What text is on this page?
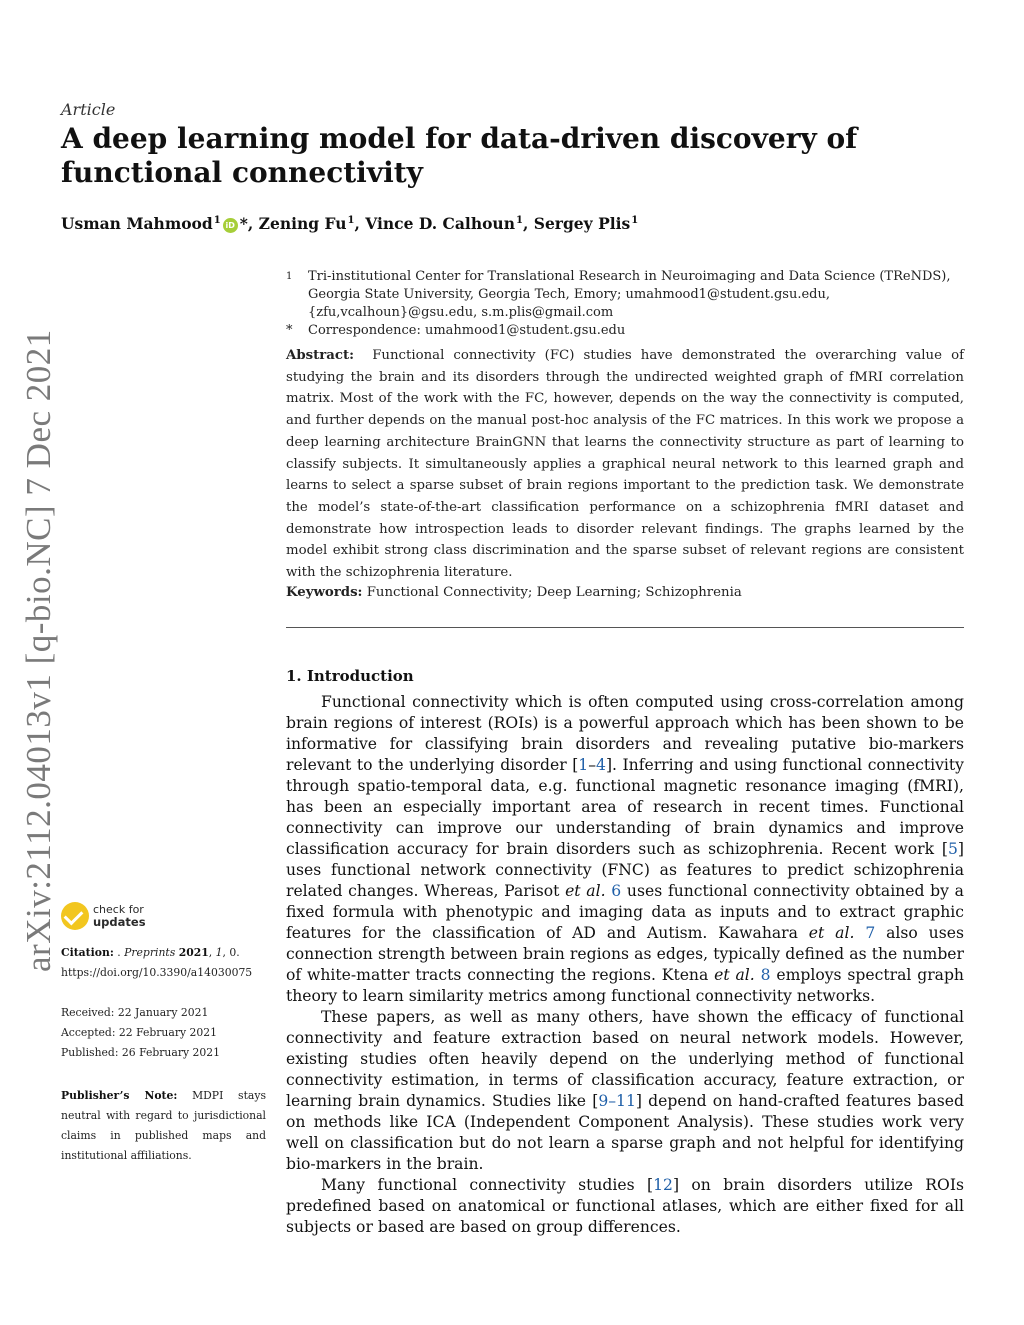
arXiv:2112.04013v1 [q-bio.NC] 7 Dec 2021
Article
A deep learning model for data-driven discovery of functional connectivity
Usman Mahmood$^1$ iD *, Zening Fu$^1$, Vince D. Calhoun$^1$, Sergey Plis$^1$
1	Tri-institutional Center for Translational Research in Neuroimaging and Data Science (TReNDS), Georgia State University, Georgia Tech, Emory; umahmood1@student.gsu.edu, {zfu,vcalhoun}@gsu.edu, s.m.plis@gmail.com
*	Correspondence: umahmood1@student.gsu.edu
Abstract: Functional connectivity (FC) studies have demonstrated the overarching value of studying the brain and its disorders through the undirected weighted graph of fMRI correlation matrix. Most of the work with the FC, however, depends on the way the connectivity is computed, and further depends on the manual post-hoc analysis of the FC matrices. In this work we propose a deep learning architecture BrainGNN that learns the connectivity structure as part of learning to classify subjects. It simultaneously applies a graphical neural network to this learned graph and learns to select a sparse subset of brain regions important to the prediction task. We demonstrate the model’s state-of-the-art classification performance on a schizophrenia fMRI dataset and demonstrate how introspection leads to disorder relevant findings. The graphs learned by the model exhibit strong class discrimination and the sparse subset of relevant regions are consistent with the schizophrenia literature.
Keywords: Functional Connectivity; Deep Learning; Schizophrenia
1. Introduction

Functional connectivity which is often computed using cross-correlation among brain regions of interest (ROIs) is a powerful approach which has been shown to be informative for classifying brain disorders and revealing putative bio-markers relevant to the underlying disorder [1–4]. Inferring and using functional connectivity through spatio-temporal data, e.g. functional magnetic resonance imaging (fMRI), has been an especially important area of research in recent times. Functional connectivity can improve our understanding of brain dynamics and improve classification accuracy for brain disorders such as schizophrenia. Recent work [5] uses functional network connectivity (FNC) as features to predict schizophrenia related changes. Whereas, Parisot et al. 6 uses functional connectivity obtained by a fixed formula with phenotypic and imaging data as inputs and to extract graphic features for the classification of AD and Autism. Kawahara et al. 7 also uses connection strength between brain regions as edges, typically defined as the number of white-matter tracts connecting the regions. Ktena et al. 8 employs spectral graph theory to learn similarity metrics among functional connectivity networks.

These papers, as well as many others, have shown the efficacy of functional connectivity and feature extraction based on neural network models. However, existing studies often heavily depend on the underlying method of functional connectivity estimation, in terms of classification accuracy, feature extraction, or learning brain dynamics. Studies like [9–11] depend on hand-crafted features based on methods like ICA (Independent Component Analysis). These studies work very well on classification but do not learn a sparse graph and not helpful for identifying bio-markers in the brain.

Many functional connectivity studies [12] on brain disorders utilize ROIs predefined based on anatomical or functional atlases, which are either fixed for all subjects or based are based on group differences.

check for
updates
Citation: . Preprints 2021, 1, 0.
https://doi.org/10.3390/a14030075
Received: 22 January 2021
Accepted: 22 February 2021
Published: 26 February 2021
Publisher’s Note: MDPI stays neutral with regard to jurisdictional claims in published maps and institutional affiliations.
